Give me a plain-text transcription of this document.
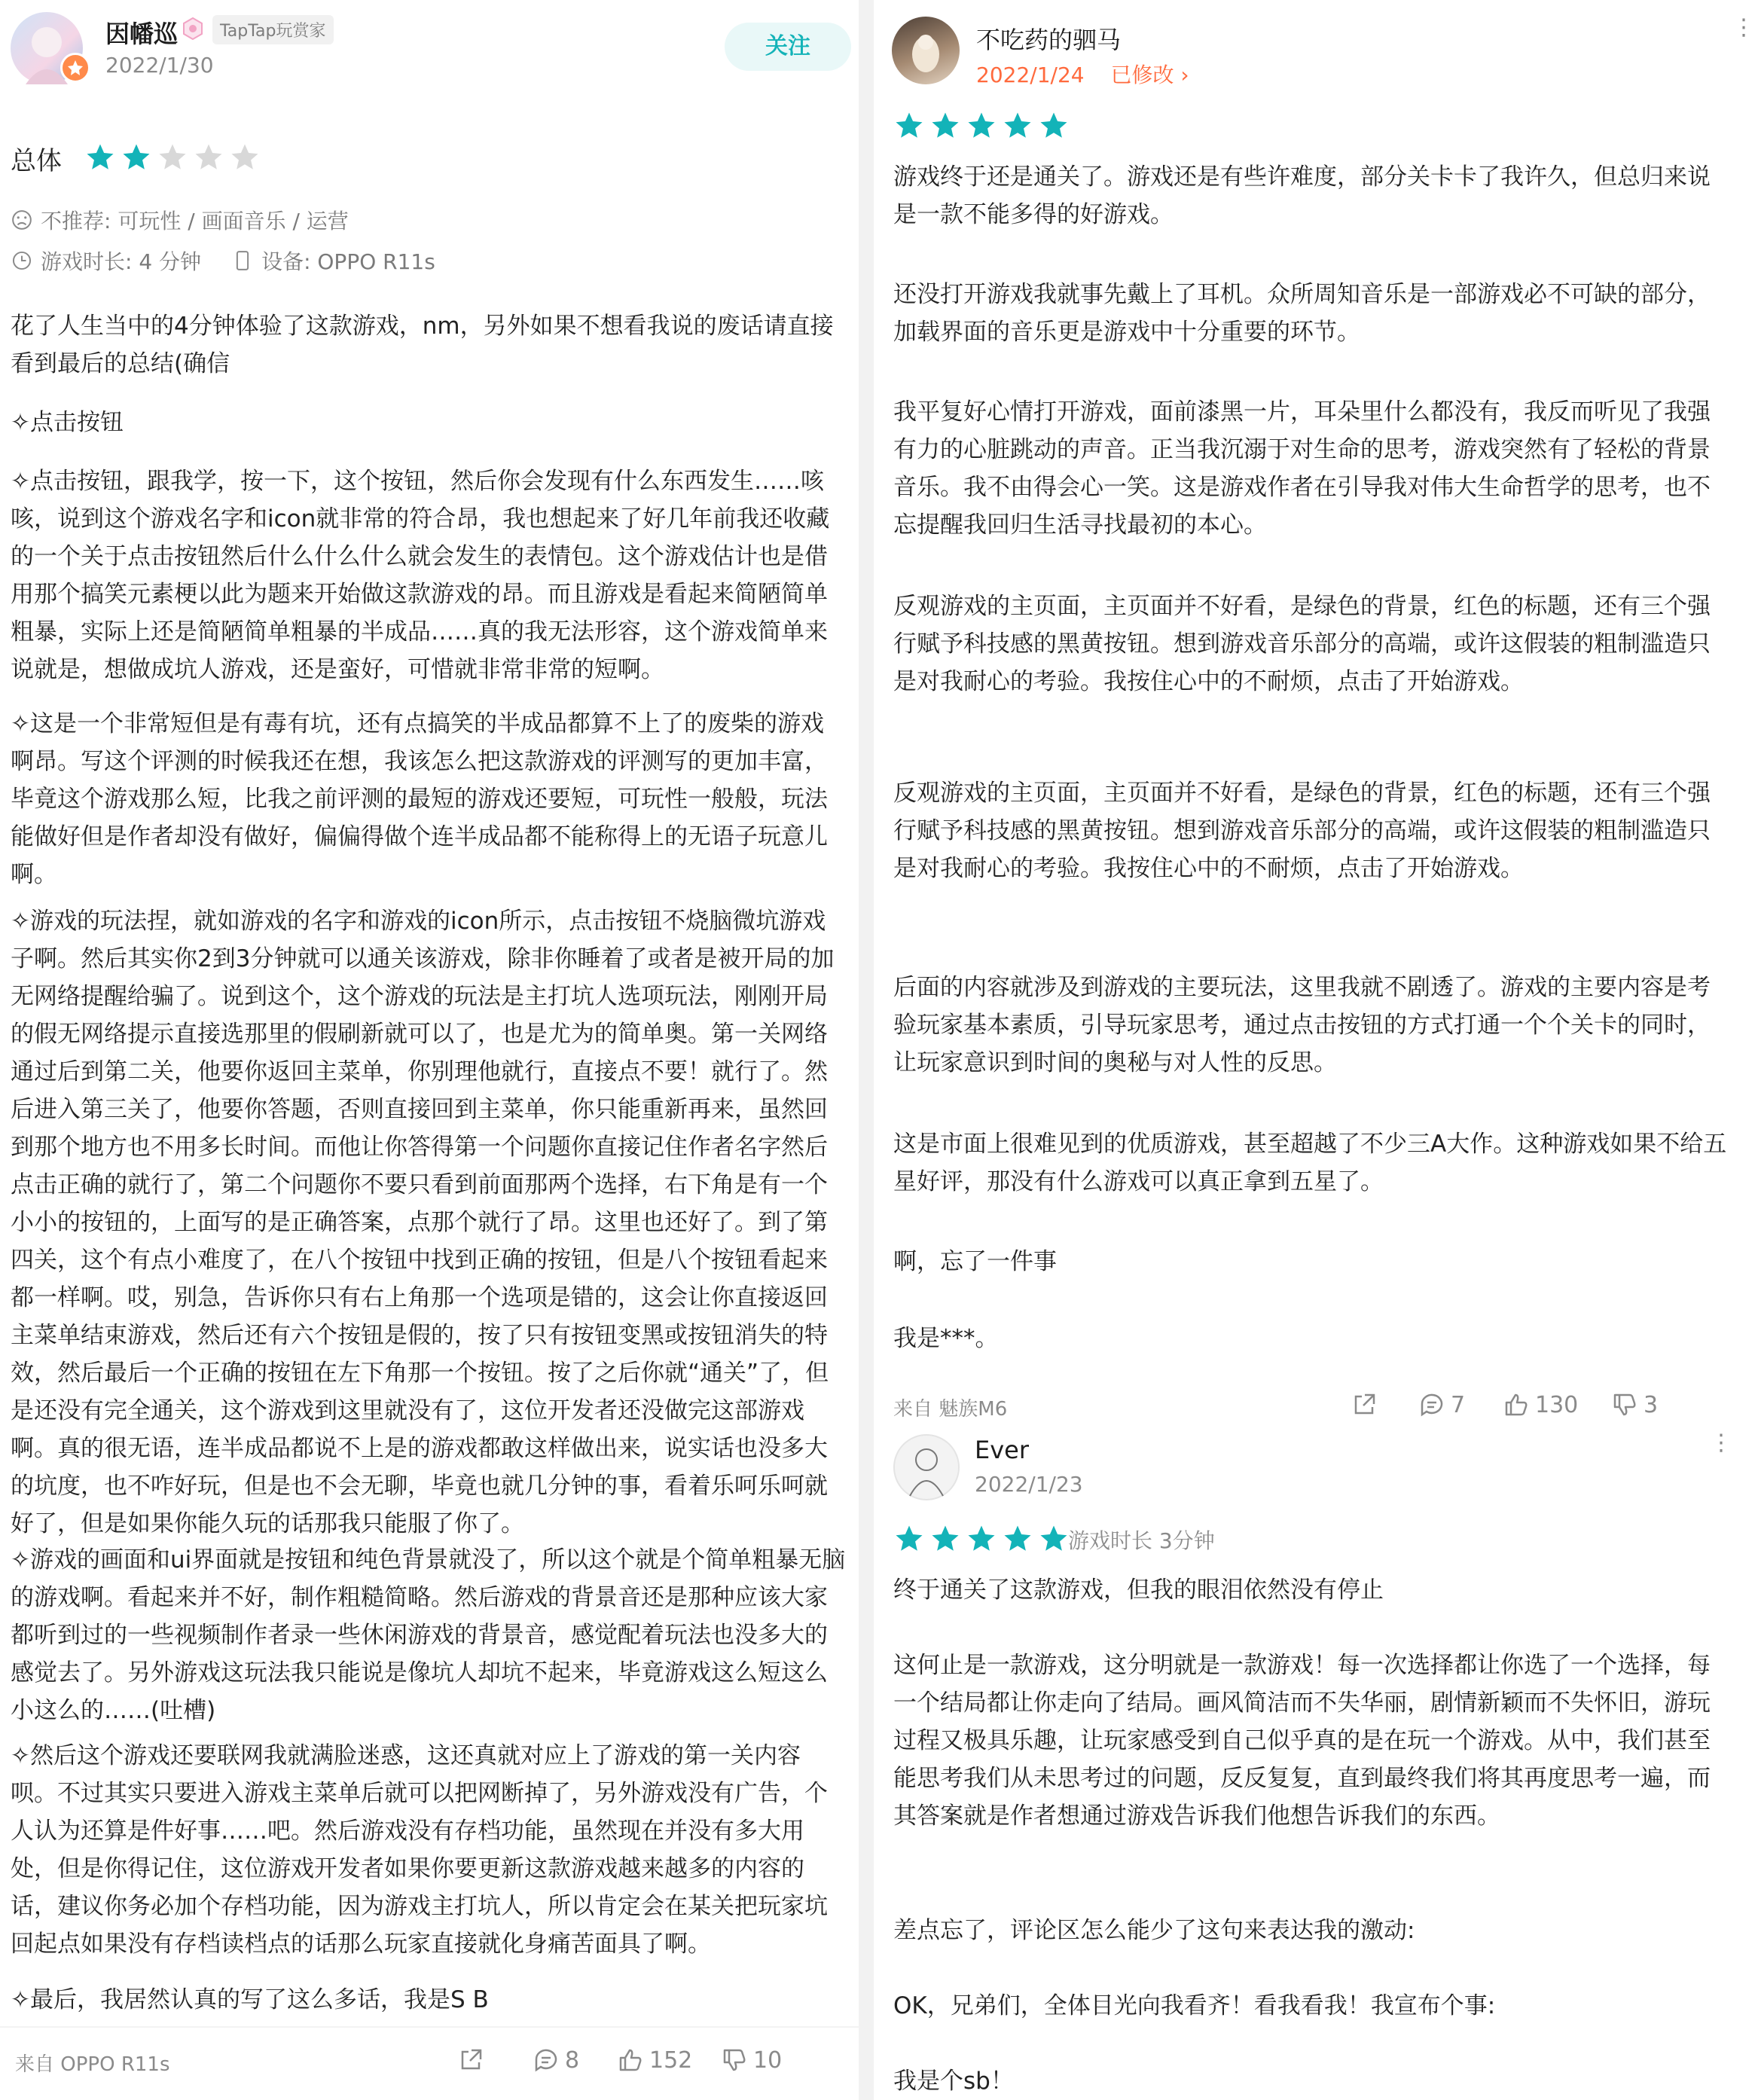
因幡巡	TapTap玩赏家
2022/1/30
关注
总体
不推荐: 可玩性 / 画面音乐 / 运营
游戏时长: 4 分钟	设备: OPPO R11s

花了人生当中的4分钟体验了这款游戏，nm，另外如果不想看我说的废话请直接看到最后的总结(确信

✧点击按钮

✧点击按钮，跟我学，按一下，这个按钮，然后你会发现有什么东西发生……咳咳，说到这个游戏名字和icon就非常的符合昂，我也想起来了好几年前我还收藏的一个关于点击按钮然后什么什么什么就会发生的表情包。这个游戏估计也是借用那个搞笑元素梗以此为题来开始做这款游戏的昂。而且游戏是看起来简陋简单粗暴，实际上还是简陋简单粗暴的半成品……真的我无法形容，这个游戏简单来说就是，想做成坑人游戏，还是蛮好，可惜就非常非常的短啊。

✧这是一个非常短但是有毒有坑，还有点搞笑的半成品都算不上了的废柴的游戏啊昂。写这个评测的时候我还在想，我该怎么把这款游戏的评测写的更加丰富，毕竟这个游戏那么短，比我之前评测的最短的游戏还要短，可玩性一般般，玩法能做好但是作者却没有做好，偏偏得做个连半成品都不能称得上的无语子玩意儿啊。

✧游戏的玩法捏，就如游戏的名字和游戏的icon所示，点击按钮不烧脑微坑游戏子啊。然后其实你2到3分钟就可以通关该游戏，除非你睡着了或者是被开局的加无网络提醒给骗了。说到这个，这个游戏的玩法是主打坑人选项玩法，刚刚开局的假无网络提示直接选那里的假刷新就可以了，也是尤为的简单奥。第一关网络通过后到第二关，他要你返回主菜单，你别理他就行，直接点不要！就行了。然后进入第三关了，他要你答题，否则直接回到主菜单，你只能重新再来，虽然回到那个地方也不用多长时间。而他让你答得第一个问题你直接记住作者名字然后点击正确的就行了，第二个问题你不要只看到前面那两个选择，右下角是有一个小小的按钮的，上面写的是正确答案，点那个就行了昂。这里也还好了。到了第四关，这个有点小难度了，在八个按钮中找到正确的按钮，但是八个按钮看起来都一样啊。哎，别急，告诉你只有右上角那一个选项是错的，这会让你直接返回主菜单结束游戏，然后还有六个按钮是假的，按了只有按钮变黑或按钮消失的特效，然后最后一个正确的按钮在左下角那一个按钮。按了之后你就“通关”了，但是还没有完全通关，这个游戏到这里就没有了，这位开发者还没做完这部游戏啊。真的很无语，连半成品都说不上是的游戏都敢这样做出来，说实话也没多大的坑度，也不咋好玩，但是也不会无聊，毕竟也就几分钟的事，看着乐呵乐呵就好了，但是如果你能久玩的话那我只能服了你了。

✧游戏的画面和ui界面就是按钮和纯色背景就没了，所以这个就是个简单粗暴无脑的游戏啊。看起来并不好，制作粗糙简略。然后游戏的背景音还是那种应该大家都听到过的一些视频制作者录一些休闲游戏的背景音，感觉配着玩法也没多大的感觉去了。另外游戏这玩法我只能说是像坑人却坑不起来，毕竟游戏这么短这么小这么的……(吐槽)

✧然后这个游戏还要联网我就满脸迷惑，这还真就对应上了游戏的第一关内容呗。不过其实只要进入游戏主菜单后就可以把网断掉了，另外游戏没有广告，个人认为还算是件好事……吧。然后游戏没有存档功能，虽然现在并没有多大用处，但是你得记住，这位游戏开发者如果你要更新这款游戏越来越多的内容的话，建议你务必加个存档功能，因为游戏主打坑人，所以肯定会在某关把玩家坑回起点如果没有存档读档点的话那么玩家直接就化身痛苦面具了啊。

✧最后，我居然认真的写了这么多话，我是S B

来自 OPPO R11s	8	152	10
不吃药的驷马
2022/1/24 已修改 ›
⋮

游戏终于还是通关了。游戏还是有些许难度，部分关卡卡了我许久，但总归来说是一款不能多得的好游戏。

还没打开游戏我就事先戴上了耳机。众所周知音乐是一部游戏必不可缺的部分，加载界面的音乐更是游戏中十分重要的环节。

我平复好心情打开游戏，面前漆黑一片，耳朵里什么都没有，我反而听见了我强有力的心脏跳动的声音。正当我沉溺于对生命的思考，游戏突然有了轻松的背景音乐。我不由得会心一笑。这是游戏作者在引导我对伟大生命哲学的思考，也不忘提醒我回归生活寻找最初的本心。

反观游戏的主页面，主页面并不好看，是绿色的背景，红色的标题，还有三个强行赋予科技感的黑黄按钮。想到游戏音乐部分的高端，或许这假装的粗制滥造只是对我耐心的考验。我按住心中的不耐烦，点击了开始游戏。

反观游戏的主页面，主页面并不好看，是绿色的背景，红色的标题，还有三个强行赋予科技感的黑黄按钮。想到游戏音乐部分的高端，或许这假装的粗制滥造只是对我耐心的考验。我按住心中的不耐烦，点击了开始游戏。

后面的内容就涉及到游戏的主要玩法，这里我就不剧透了。游戏的主要内容是考验玩家基本素质，引导玩家思考，通过点击按钮的方式打通一个个关卡的同时，让玩家意识到时间的奥秘与对人性的反思。

这是市面上很难见到的优质游戏，甚至超越了不少三A大作。这种游戏如果不给五星好评，那没有什么游戏可以真正拿到五星了。

啊，忘了一件事

我是***。

来自 魅族M6	7	130	3
Ever
2022/1/23
⋮
游戏时长 3分钟

终于通关了这款游戏，但我的眼泪依然没有停止

这何止是一款游戏，这分明就是一款游戏！每一次选择都让你选了一个选择，每一个结局都让你走向了结局。画风简洁而不失华丽，剧情新颖而不失怀旧，游玩过程又极具乐趣，让玩家感受到自己似乎真的是在玩一个游戏。从中，我们甚至能思考我们从未思考过的问题，反反复复，直到最终我们将其再度思考一遍，而其答案就是作者想通过游戏告诉我们他想告诉我们的东西。

差点忘了，评论区怎么能少了这句来表达我的激动:

OK，兄弟们，全体目光向我看齐！看我看我！我宣布个事:

我是个sb！
